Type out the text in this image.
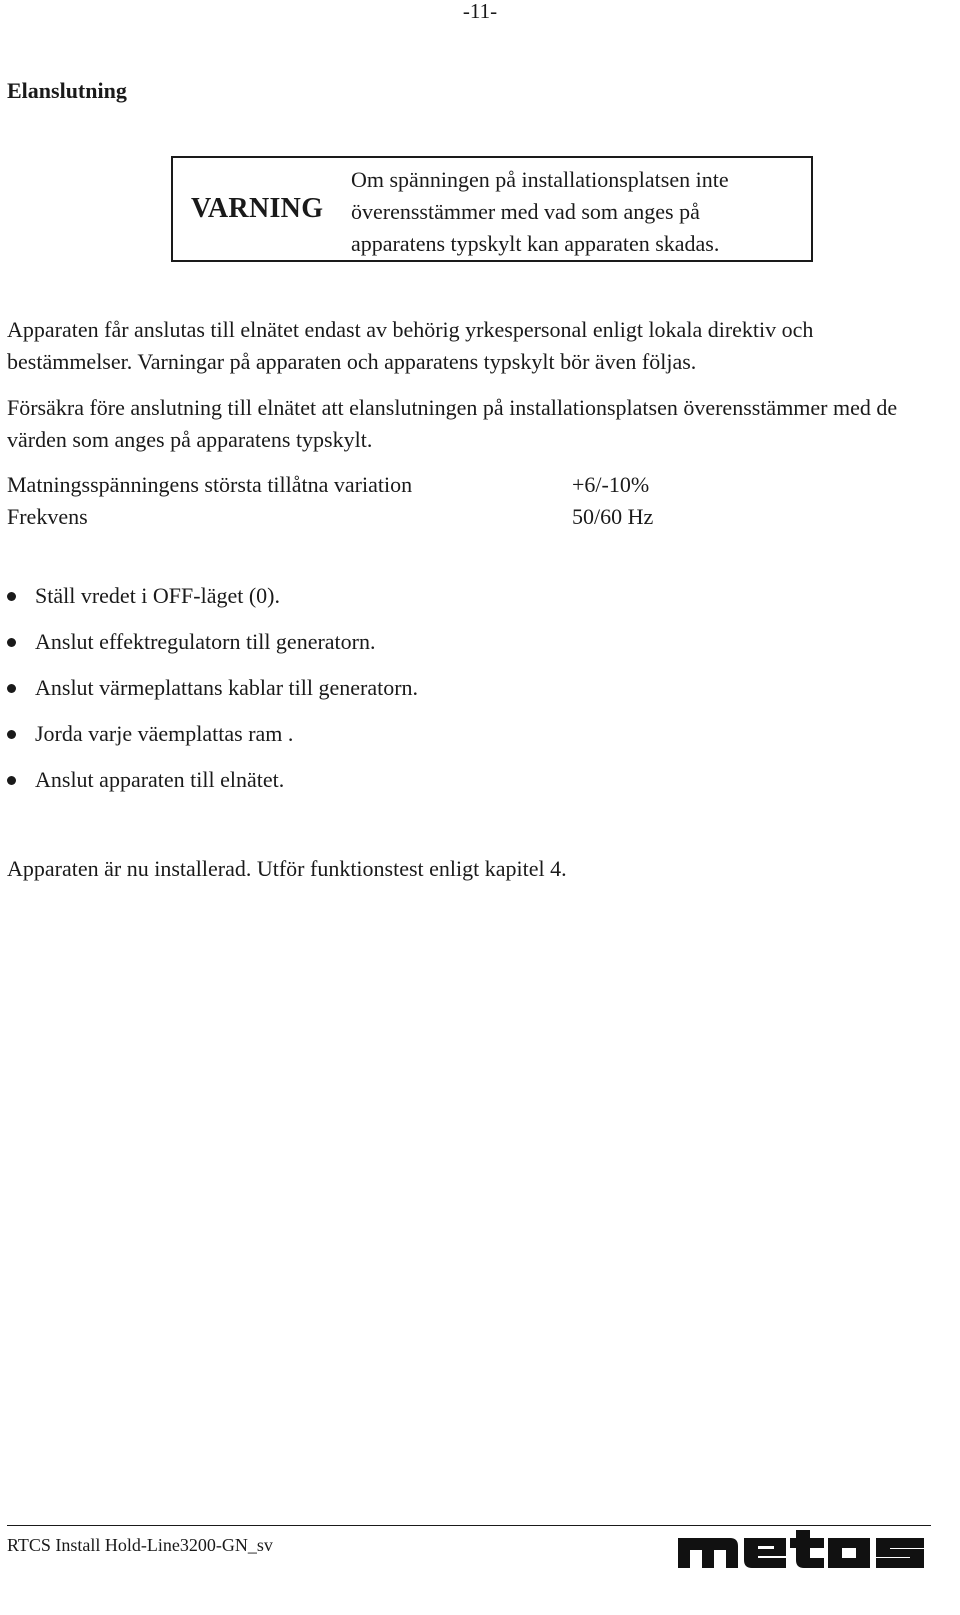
-11-
Elanslutning
VARNING
Om spänningen på installationsplatsen inte överensstämmer med vad som anges på apparatens typskylt kan apparaten skadas.
Apparaten får anslutas till elnätet endast av behörig yrkespersonal enligt lokala direktiv och bestämmelser. Varningar på apparaten och apparatens typskylt bör även följas.
Försäkra före anslutning till elnätet att elanslutningen på installationsplatsen överensstämmer med de värden som anges på apparatens typskylt.
Matningsspänningens största tillåtna variation	+6/-10%
Frekvens	50/60 Hz
Ställ vredet i OFF-läget (0).
Anslut effektregulatorn till generatorn.
Anslut värmeplattans kablar till generatorn.
Jorda varje väemplattas ram .
Anslut apparaten till elnätet.
Apparaten är nu installerad. Utför funktionstest enligt kapitel 4.
RTCS Install Hold-Line3200-GN_sv	metos
